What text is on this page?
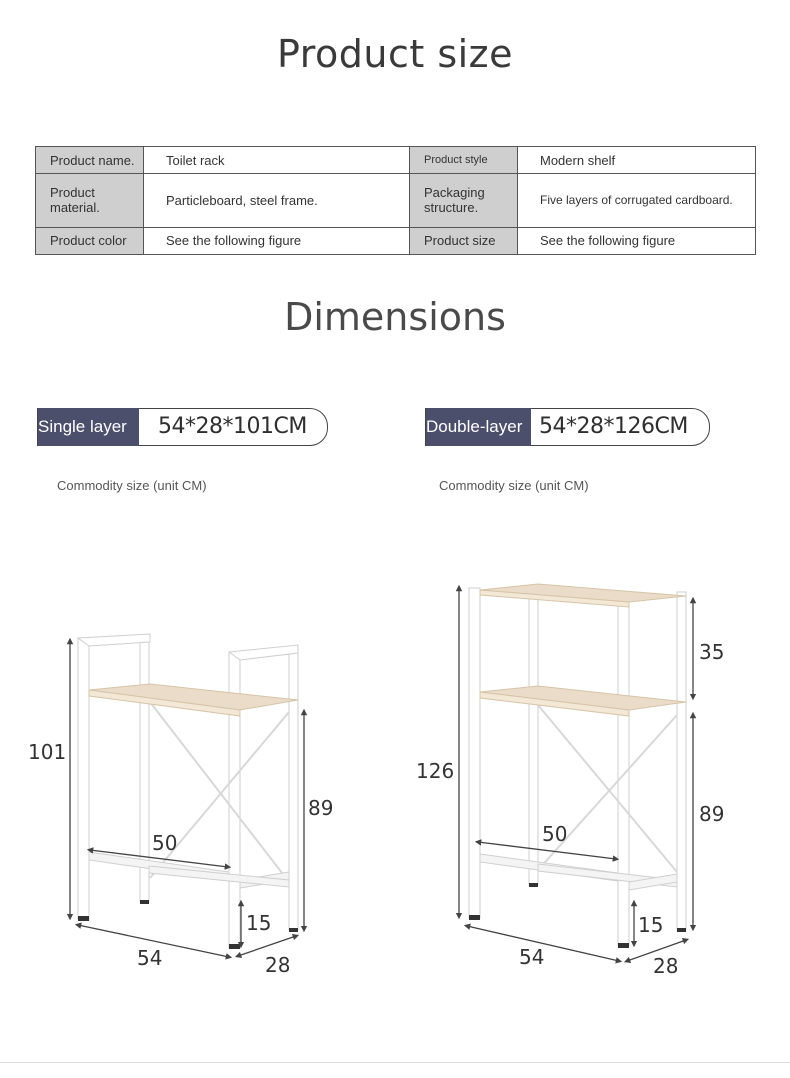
Product size
Product name.	Toilet rack	Product style	Modern shelf
Product material.	Particleboard, steel frame.	Packaging structure.	Five layers of corrugated cardboard.
Product color	See the following figure	Product size	See the following figure
Dimensions
Single layer	54*28*101CM	Double-layer 54*28*126CM
Commodity size (unit CM)	Commodity size (unit CM)
101
89
50
15
54	28
126
35
89
50
15
54	28
